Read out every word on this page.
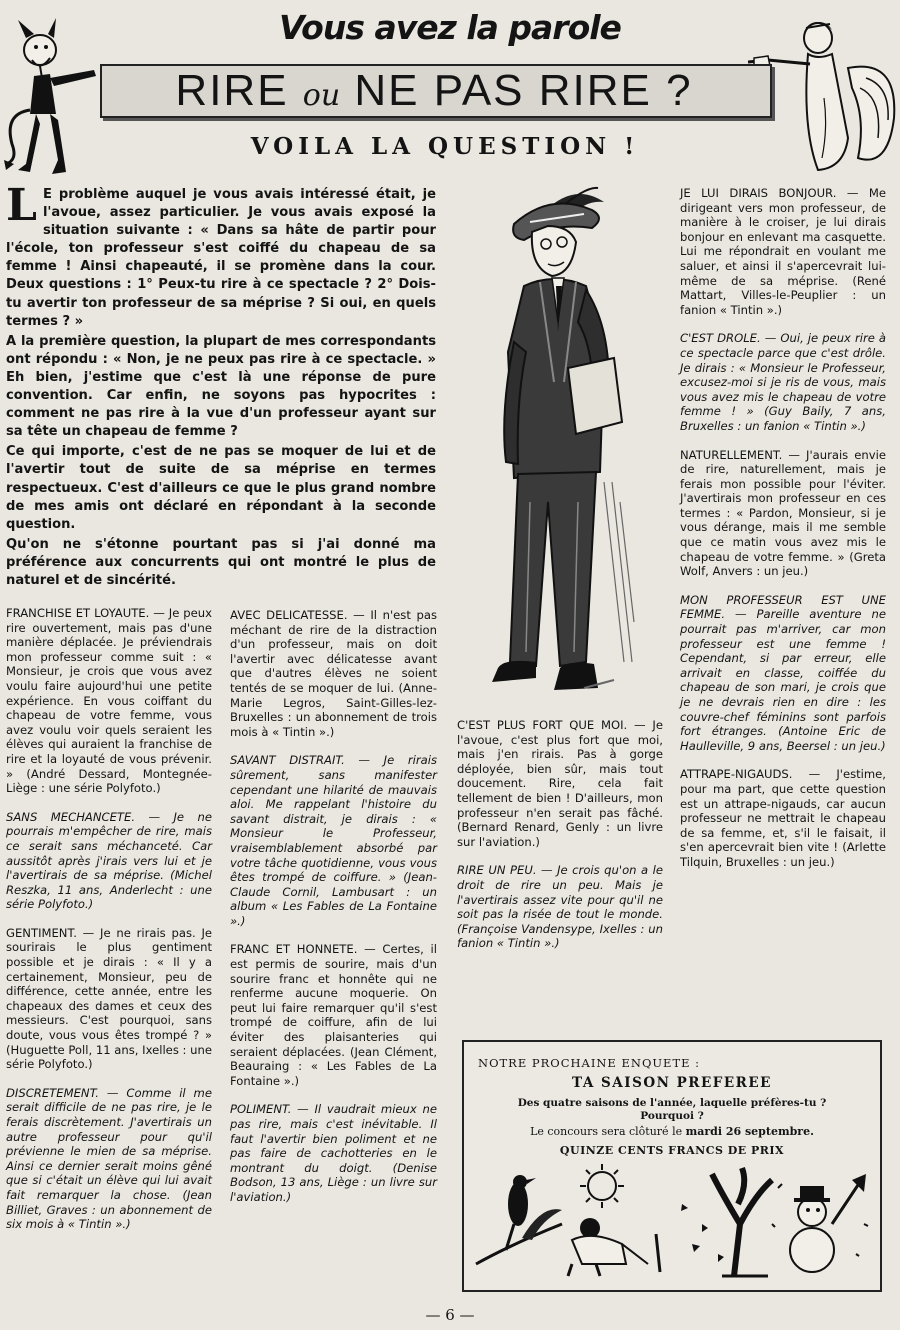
Vous avez la parole
RIRE ou NE PAS RIRE ?
VOILA LA QUESTION !

L E problème auquel je vous avais intéressé était, je l'avoue, assez particulier. Je vous avais exposé la situation suivante : « Dans sa hâte de partir pour l'école, ton professeur s'est coiffé du chapeau de sa femme ! Ainsi chapeauté, il se promène dans la cour. Deux questions : 1° Peux-tu rire à ce spectacle ? 2° Dois-tu avertir ton professeur de sa méprise ? Si oui, en quels termes ? »

A la première question, la plupart de mes correspondants ont répondu : « Non, je ne peux pas rire à ce spectacle. » Eh bien, j'estime que c'est là une réponse de pure convention. Car enfin, ne soyons pas hypocrites : comment ne pas rire à la vue d'un professeur ayant sur sa tête un chapeau de femme ?

Ce qui importe, c'est de ne pas se moquer de lui et de l'avertir tout de suite de sa méprise en termes respectueux. C'est d'ailleurs ce que le plus grand nombre de mes amis ont déclaré en répondant à la seconde question.

Qu'on ne s'étonne pourtant pas si j'ai donné ma préférence aux concurrents qui ont montré le plus de naturel et de sincérité.

FRANCHISE ET LOYAUTE. — Je peux rire ouvertement, mais pas d'une manière déplacée. Je préviendrais mon professeur comme suit : « Monsieur, je crois que vous avez voulu faire aujourd'hui une petite expérience. En vous coiffant du chapeau de votre femme, vous avez voulu voir quels seraient les élèves qui auraient la franchise de rire et la loyauté de vous prévenir. » (André Dessard, Montegnée-Liège : une série Polyfoto.)

SANS MECHANCETE. — Je ne pourrais m'empêcher de rire, mais ce serait sans méchanceté. Car aussitôt après j'irais vers lui et je l'avertirais de sa méprise. (Michel Reszka, 11 ans, Anderlecht : une série Polyfoto.)

GENTIMENT. — Je ne rirais pas. Je sourirais le plus gentiment possible et je dirais : « Il y a certainement, Monsieur, peu de différence, cette année, entre les chapeaux des dames et ceux des messieurs. C'est pourquoi, sans doute, vous vous êtes trompé ? » (Huguette Poll, 11 ans, Ixelles : une série Polyfoto.)

DISCRETEMENT. — Comme il me serait difficile de ne pas rire, je le ferais discrètement. J'avertirais un autre professeur pour qu'il prévienne le mien de sa méprise. Ainsi ce dernier serait moins gêné que si c'était un élève qui lui avait fait remarquer la chose. (Jean Billiet, Graves : un abonnement de six mois à « Tintin ».)

AVEC DELICATESSE. — Il n'est pas méchant de rire de la distraction d'un professeur, mais on doit l'avertir avec délicatesse avant que d'autres élèves ne soient tentés de se moquer de lui. (Anne-Marie Legros, Saint-Gilles-lez-Bruxelles : un abonnement de trois mois à « Tintin ».)

SAVANT DISTRAIT. — Je rirais sûrement, sans manifester cependant une hilarité de mauvais aloi. Me rappelant l'histoire du savant distrait, je dirais : « Monsieur le Professeur, vraisemblablement absorbé par votre tâche quotidienne, vous vous êtes trompé de coiffure. » (Jean-Claude Cornil, Lambusart : un album « Les Fables de La Fontaine ».)

FRANC ET HONNETE. — Certes, il est permis de sourire, mais d'un sourire franc et honnête qui ne renferme aucune moquerie. On peut lui faire remarquer qu'il s'est trompé de coiffure, afin de lui éviter des plaisanteries qui seraient déplacées. (Jean Clément, Beauraing : « Les Fables de La Fontaine ».)

POLIMENT. — Il vaudrait mieux ne pas rire, mais c'est inévitable. Il faut l'avertir bien poliment et ne pas faire de cachotteries en le montrant du doigt. (Denise Bodson, 13 ans, Liège : un livre sur l'aviation.)

C'EST PLUS FORT QUE MOI. — Je l'avoue, c'est plus fort que moi, mais j'en rirais. Pas à gorge déployée, bien sûr, mais tout doucement. Rire, cela fait tellement de bien ! D'ailleurs, mon professeur n'en serait pas fâché. (Bernard Renard, Genly : un livre sur l'aviation.)

RIRE UN PEU. — Je crois qu'on a le droit de rire un peu. Mais je l'avertirais assez vite pour qu'il ne soit pas la risée de tout le monde. (Françoise Vandensype, Ixelles : un fanion « Tintin ».)

JE LUI DIRAIS BONJOUR. — Me dirigeant vers mon professeur, de manière à le croiser, je lui dirais bonjour en enlevant ma casquette. Lui me répondrait en voulant me saluer, et ainsi il s'apercevrait lui-même de sa méprise. (René Mattart, Villes-le-Peuplier : un fanion « Tintin ».)

C'EST DROLE. — Oui, je peux rire à ce spectacle parce que c'est drôle. Je dirais : « Monsieur le Professeur, excusez-moi si je ris de vous, mais vous avez mis le chapeau de votre femme ! » (Guy Baily, 7 ans, Bruxelles : un fanion « Tintin ».)

NATURELLEMENT. — J'aurais envie de rire, naturellement, mais je ferais mon possible pour l'éviter. J'avertirais mon professeur en ces termes : « Pardon, Monsieur, si je vous dérange, mais il me semble que ce matin vous avez mis le chapeau de votre femme. » (Greta Wolf, Anvers : un jeu.)

MON PROFESSEUR EST UNE FEMME. — Pareille aventure ne pourrait pas m'arriver, car mon professeur est une femme ! Cependant, si par erreur, elle arrivait en classe, coiffée du chapeau de son mari, je crois que je ne devrais rien en dire : les couvre-chef féminins sont parfois fort étranges. (Antoine Eric de Haulleville, 9 ans, Beersel : un jeu.)

ATTRAPE-NIGAUDS. — J'estime, pour ma part, que cette question est un attrape-nigauds, car aucun professeur ne mettrait le chapeau de sa femme, et, s'il le faisait, il s'en apercevrait bien vite ! (Arlette Tilquin, Bruxelles : un jeu.)

NOTRE PROCHAINE ENQUETE :
TA SAISON PREFEREE
Des quatre saisons de l'année, laquelle préfères-tu ?
Pourquoi ?
Le concours sera clôturé le mardi 26 septembre.
QUINZE CENTS FRANCS DE PRIX
— 6 —
